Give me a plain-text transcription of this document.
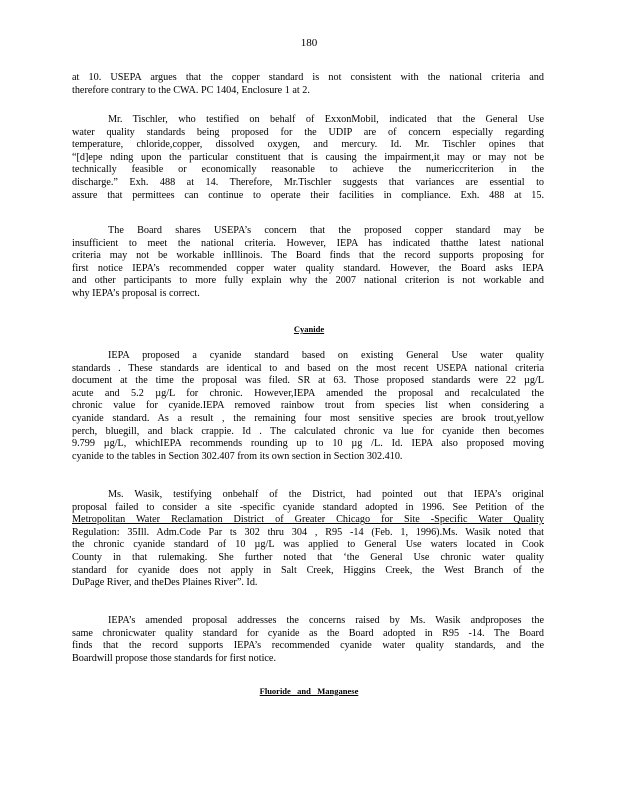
180
at 10. USEPA argues that the copper standard is not consistent with the national criteria and
therefore contrary to the CWA. PC 1404, Enclosure 1 at 2.
Mr. Tischler, who testified on behalf of ExxonMobil, indicated that the General Use
water quality standards being proposed for the UDIP are of concern especially regarding
temperature, chloride,copper, dissolved oxygen, and mercury. Id. Mr. Tischler opines that
“[d]epe nding upon the particular constituent that is causing the impairment,it may or may not be
technically feasible or economically reasonable to achieve the numericcriterion in the
discharge.” Exh. 488 at 14. Therefore, Mr.Tischler suggests that variances are essential to
assure that permittees can continue to operate their facilities in compliance. Exh. 488 at 15.
The Board shares USEPA’s concern that the proposed copper standard may be
insufficient to meet the national criteria. However, IEPA has indicated thatthe latest national
criteria may not be workable inIllinois. The Board finds that the record supports proposing for
first notice IEPA’s recommended copper water quality standard. However, the Board asks IEPA
and other participants to more fully explain why the 2007 national criterion is not workable and
why IEPA’s proposal is correct.
Cyanide
IEPA proposed a cyanide standard based on existing General Use water quality
standards . These standards are identical to and based on the most recent USEPA national criteria
document at the time the proposal was filed. SR at 63. Those proposed standards were 22 µg/L
acute and 5.2 µg/L for chronic. However,IEPA amended the proposal and recalculated the
chronic value for cyanide.IEPA removed rainbow trout from species list when considering a
cyanide standard. As a result , the remaining four most sensitive species are brook trout,yellow
perch, bluegill, and black crappie. Id . The calculated chronic va lue for cyanide then becomes
9.799 µg/L, whichIEPA recommends rounding up to 10 µg /L. Id. IEPA also proposed moving
cyanide to the tables in Section 302.407 from its own section in Section 302.410.
Ms. Wasik, testifying onbehalf of the District, had pointed out that IEPA’s original
proposal failed to consider a site -specific cyanide standard adopted in 1996. See Petition of the
Metropolitan Water Reclamation District of Greater Chicago for Site -Specific Water Quality
Regulation: 35Ill. Adm.Code Par ts 302 thru 304 , R95 -14 (Feb. 1, 1996).Ms. Wasik noted that
the chronic cyanide standard of 10 µg/L was applied to General Use waters located in Cook
County in that rulemaking. She further noted that ‘the General Use chronic water quality
standard for cyanide does not apply in Salt Creek, Higgins Creek, the West Branch of the
DuPage River, and theDes Plaines River”. Id.
IEPA’s amended proposal addresses the concerns raised by Ms. Wasik andproposes the
same chronicwater quality standard for cyanide as the Board adopted in R95 -14. The Board
finds that the record supports IEPA’s recommended cyanide water quality standards, and the
Boardwill propose those standards for first notice.
Fluoride   and   Manganese
